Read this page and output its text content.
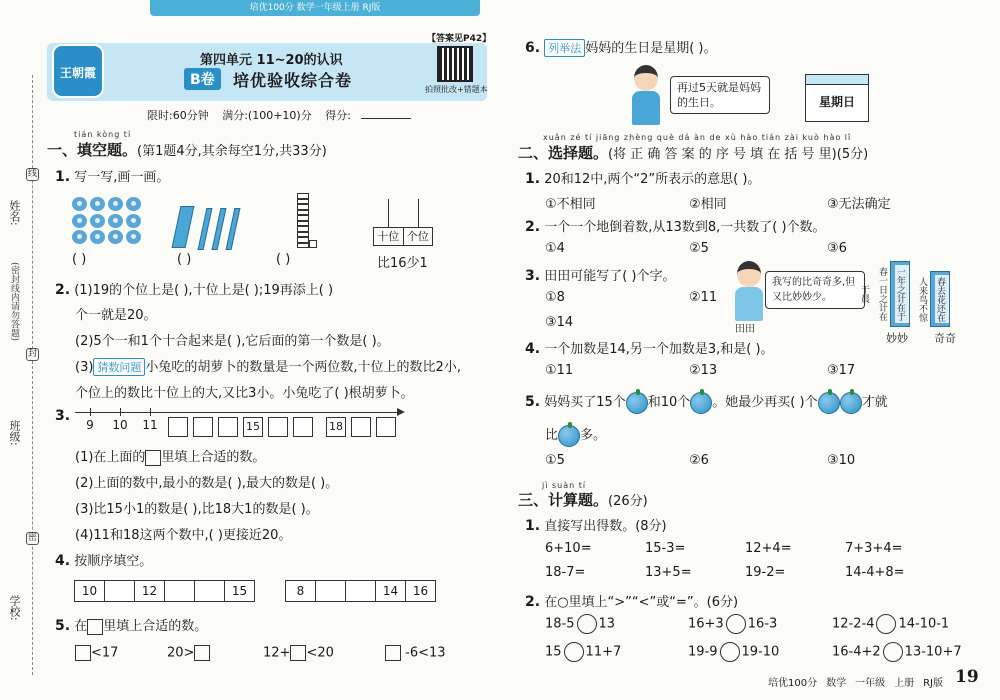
培优100分 数学一年级上册 RJ版
姓名:
(密封线内请勿答题)
班级:
学校:
线
封
密
王朝霞
第四单元 11~20的认识
B卷	培优验收综合卷
【答案见P42】
拍照批改+错题本
限时:60分钟 满分:(100+10)分 得分:
tián kòng tí
一、填空题。(第1题4分,其余每空1分,共33分)
1. 写一写,画一画。
十位 个位
( )	( )	( )	比16少1
2. (1)19的个位上是( ),十位上是( );19再添上( )
个一就是20。
(2)5个一和1个十合起来是( ),它后面的第一个数是( )。
(3) 猜数问题 小兔吃的胡萝卜的数量是一个两位数,十位上的数比2小,
个位上的数比十位上的大,又比3小。小兔吃了( )根胡萝卜。
3.
9	10	11	15	18
(1)在上面的 里填上合适的数。
(2)上面的数中,最小的数是( ),最大的数是( )。
(3)比15小1的数是( ),比18大1的数是( )。
(4)11和18这两个数中,( )更接近20。
4. 按顺序填空。
10	12	15	8	14	16
5. 在 里填上合适的数。
<17	20>	12+ <20	-6<13
6. 列举法 妈妈的生日是星期( )。
再过5天就是妈妈的生日。	星期日
xuǎn zé tí jiāng zhèng què dá àn de xù hào tián zài kuò hào lǐ
二、选择题。(将 正 确 答 案 的 序 号 填 在 括 号 里)(5分)
1. 20和12中,两个“2”所表示的意思( )。
①不相同	②相同	③无法确定
2. 一个一个地倒着数,从13数到8,一共数了( )个数。
①4	②5	③6
3. 田田可能写了( )个字。
①8	②11
③14	田田
我写的比奇奇多,但又比妙妙少。	一年之计在于春一日之计在于晨	春去花还在人来鸟不惊
妙妙 奇奇
4. 一个加数是14,另一个加数是3,和是( )。
①11	②13	③17
5. 妈妈买了15个 和10个 。她最少再买( )个	才就
比 多。
①5	②6	③10
jì suàn tí
三、计算题。(26分)
1. 直接写出得数。(8分)
6+10=	15-3=	12+4=	7+3+4=
18-7=	13+5=	19-2=	14-4+8=
2. 在○里填上“>”“<”或“=”。(6分)
18-5 13	16+3 16-3	12-2-4 14-10-1
15 11+7	19-9 19-10	16-4+2 13-10+7
培优100分 数学 一年级 上册 RJ版 19
